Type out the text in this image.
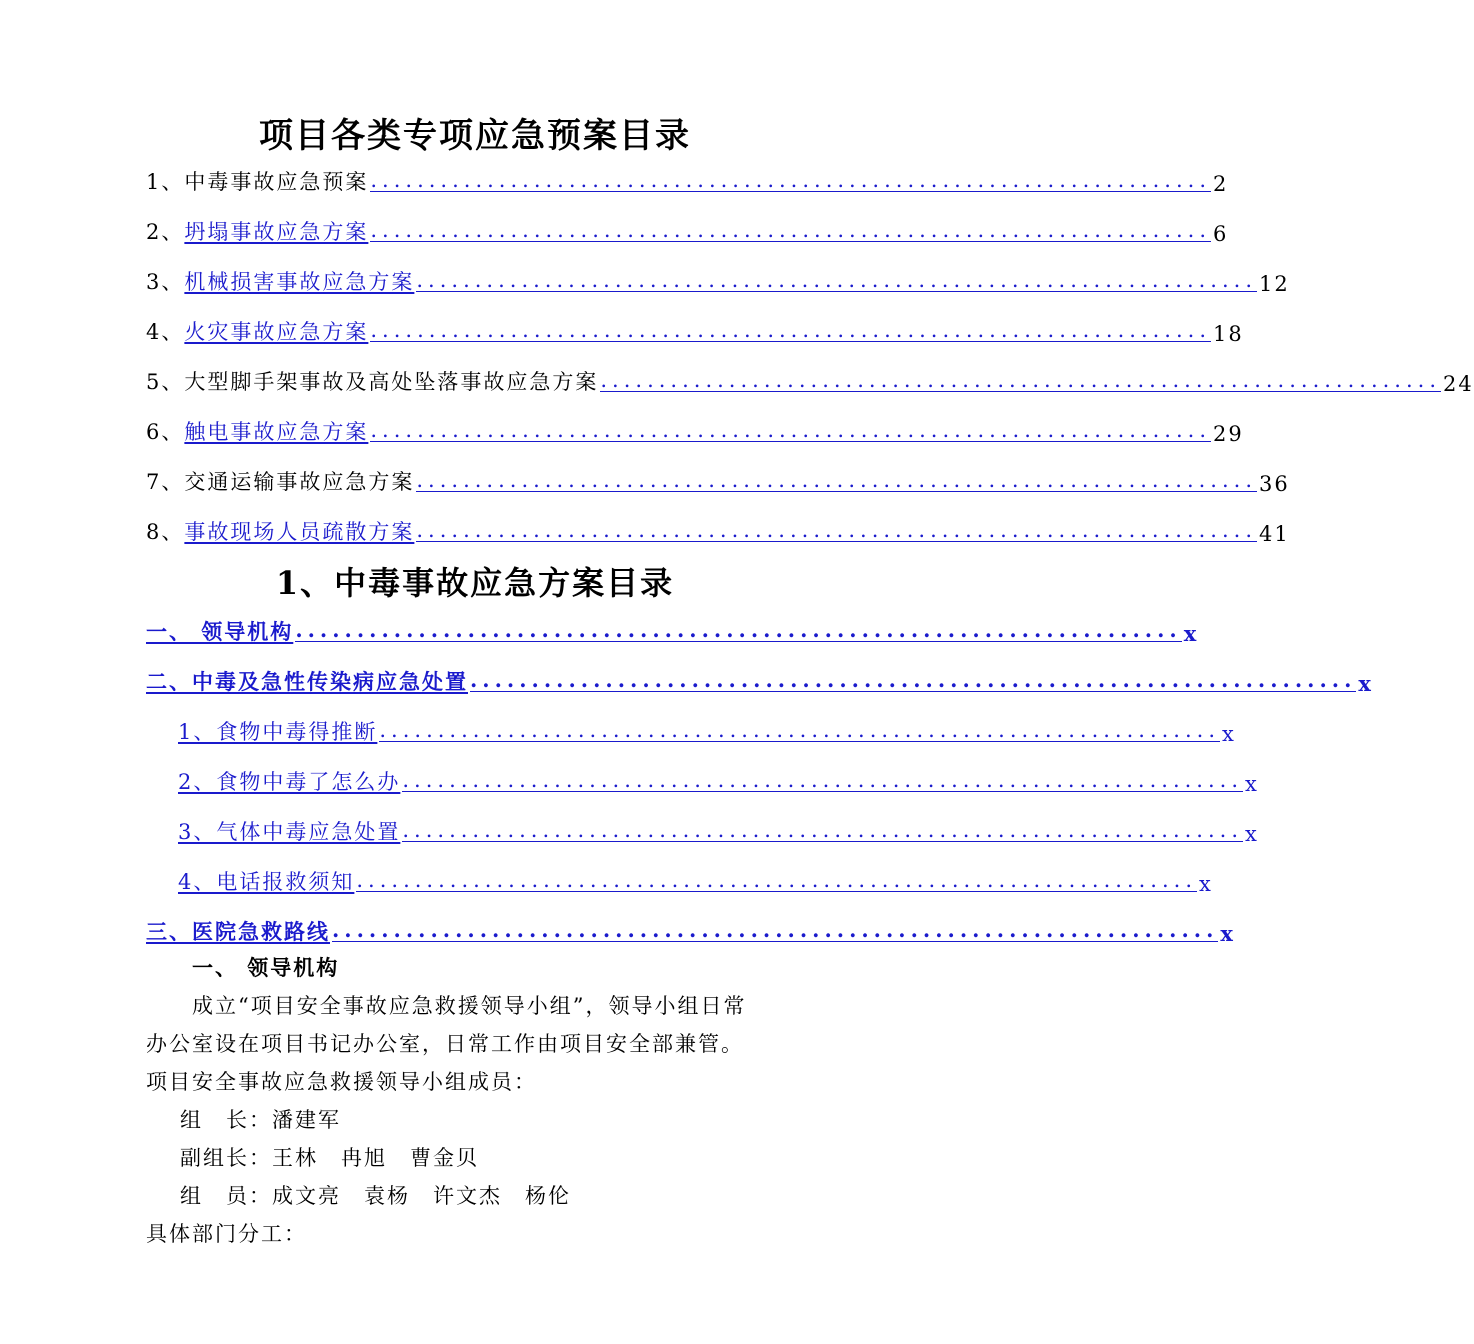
项目各类专项应急预案目录
1、 中毒事故应急预案 ........................................................................ 2
2、 坍塌事故应急方案 ........................................................................ 6
3、 机械损害事故应急方案 ........................................................................ 12
4、 火灾事故应急方案 ........................................................................ 18
5、 大型脚手架事故及高处坠落事故应急方案 ........................................................................ 24
6、 触电事故应急方案 ........................................................................ 29
7、 交通运输事故应急方案 ........................................................................ 36
8、 事故现场人员疏散方案 ........................................................................ 41
1、中毒事故应急方案目录
一、 领导机构 ........................................................................ x
二、中毒及急性传染病应急处置 ........................................................................ x
1、食物中毒得推断 ........................................................................ x
2、食物中毒了怎么办 ........................................................................ x
3、气体中毒应急处置 ........................................................................ x
4、电话报救须知 ........................................................................ x
三、医院急救路线 ........................................................................ x
一、 领导机构
成立“项目安全事故应急救援领导小组”，领导小组日常
办公室设在项目书记办公室，日常工作由项目安全部兼管。
项目安全事故应急救援领导小组成员：
组　长：潘建军
副组长：王林　冉旭　曹金贝
组　员：成文亮　袁杨　许文杰　杨伦
具体部门分工：
